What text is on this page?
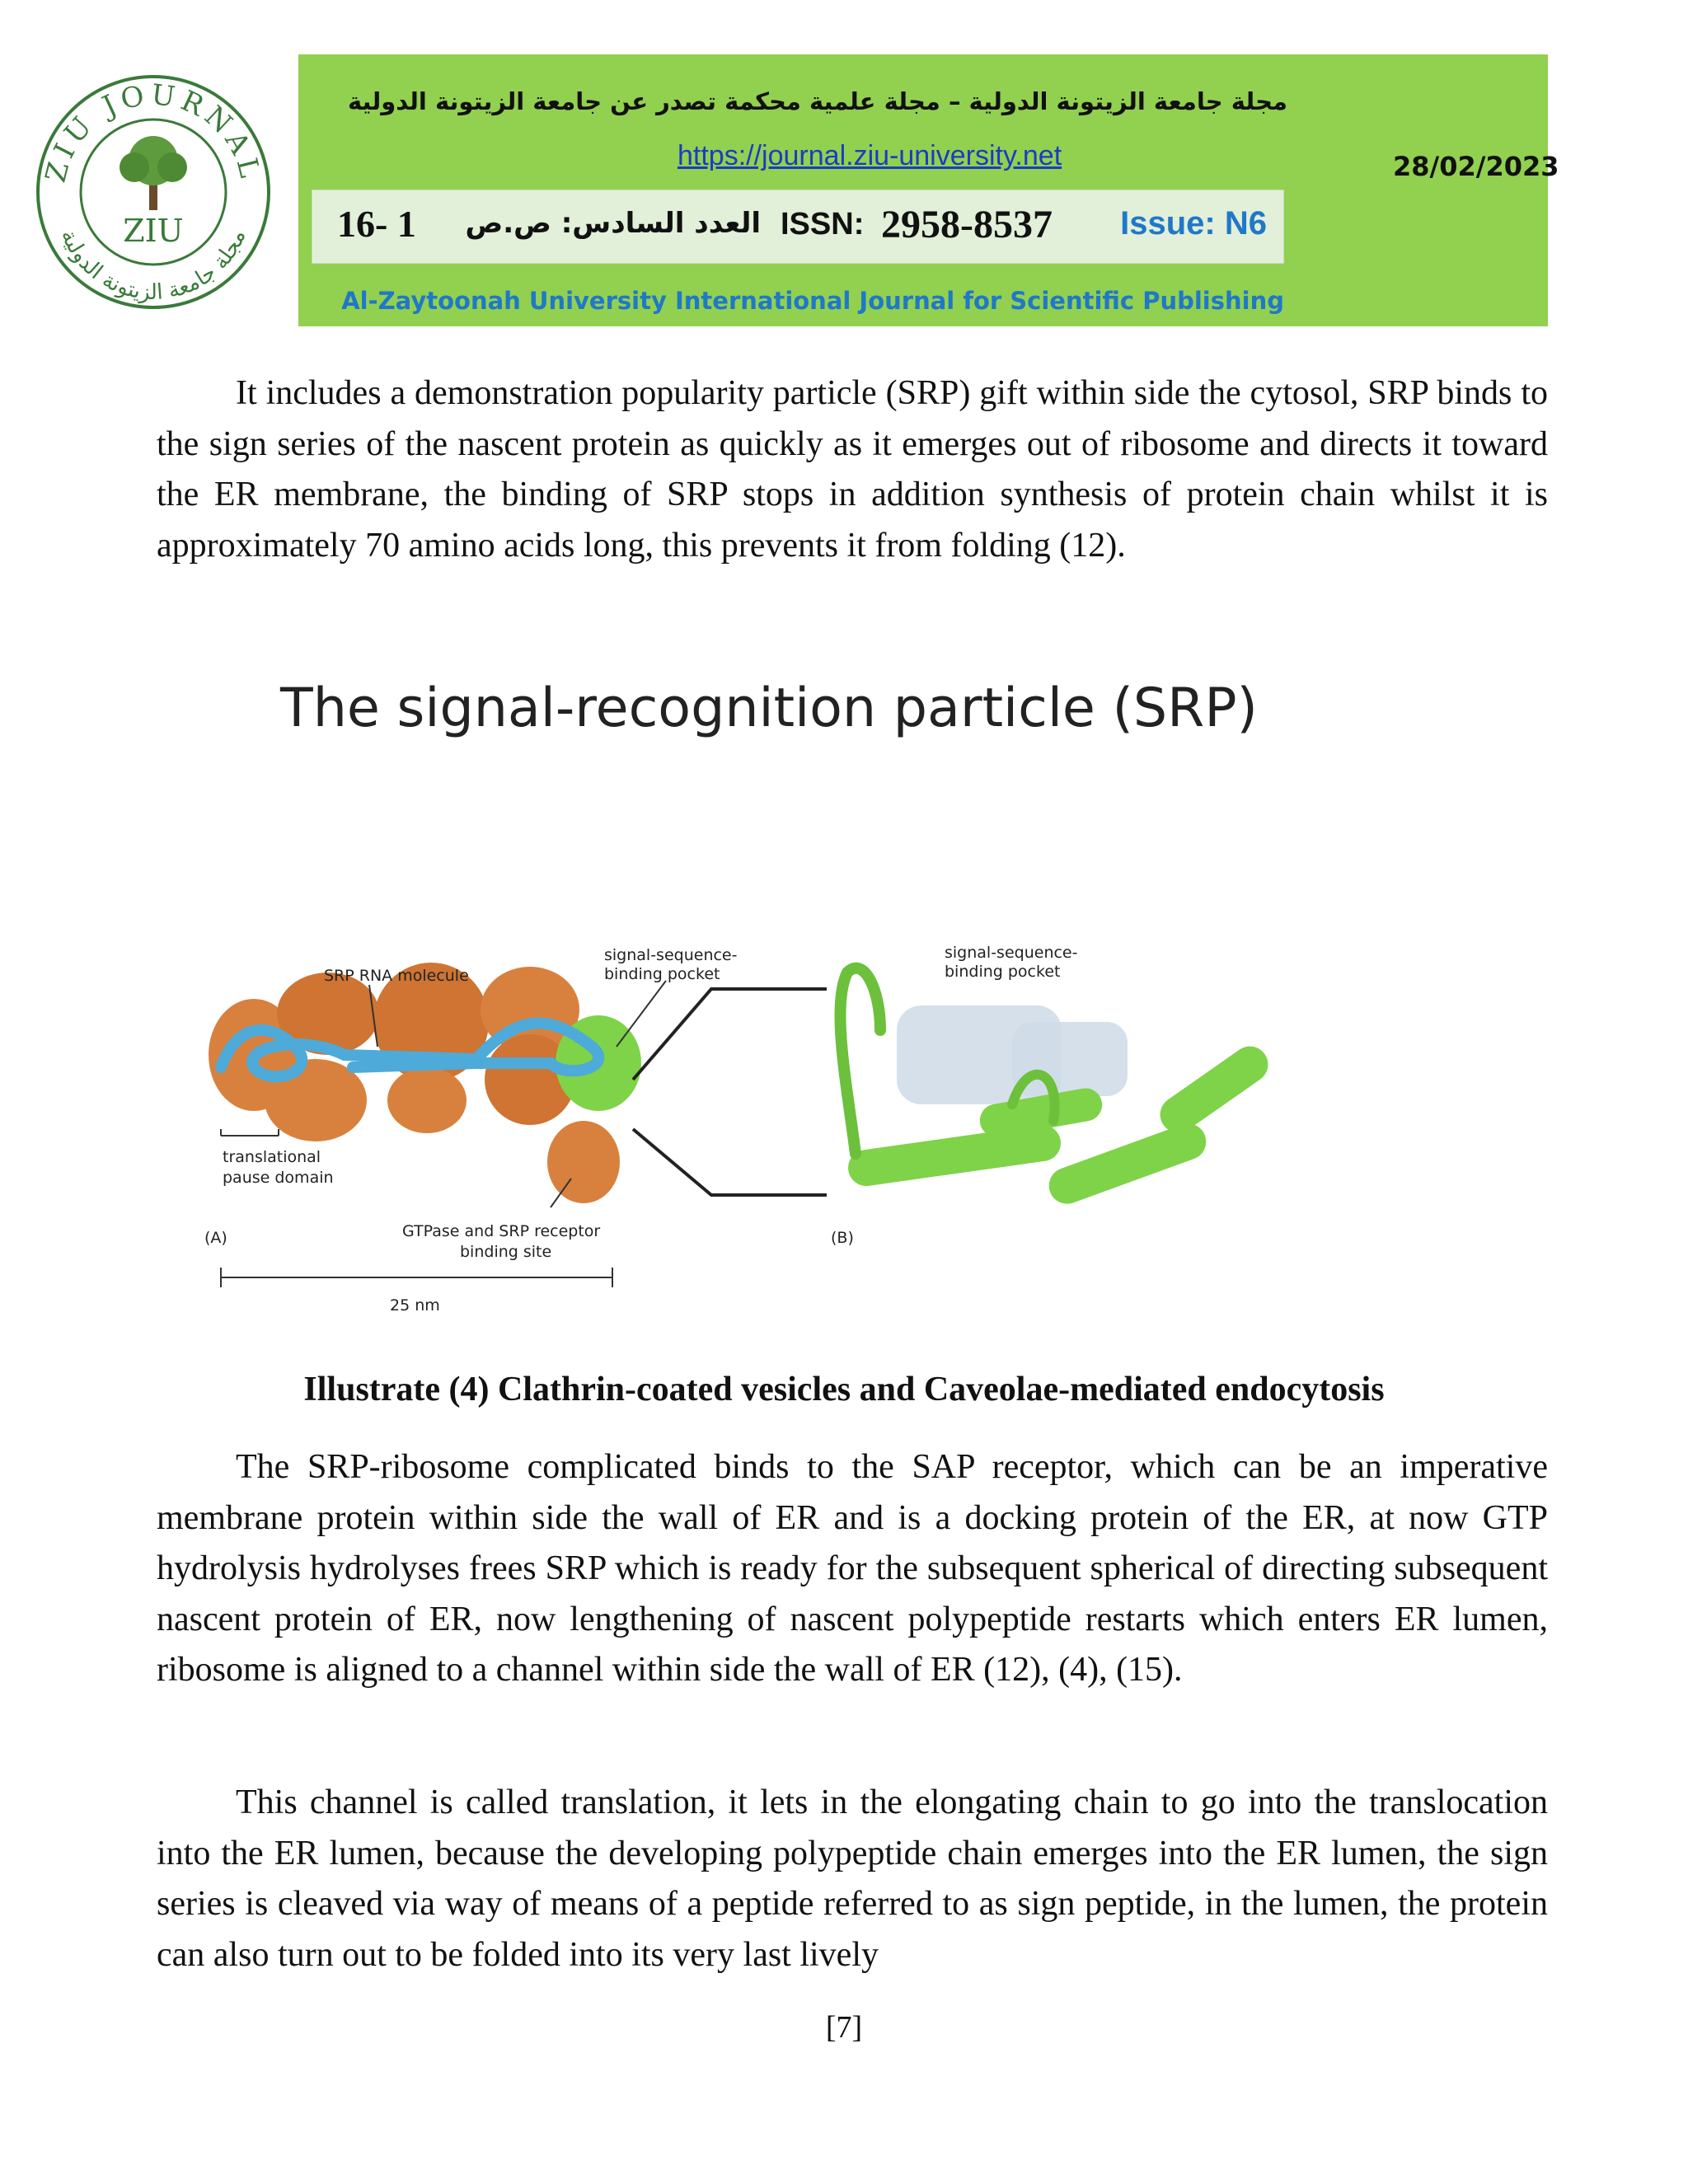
ZIU JOURNAL
مجلة جامعة الزيتونة الدولية
ZIU
مجلة جامعة الزيتونة الدولية – مجلة علمية محكمة تصدر عن جامعة الزيتونة الدولية
https://journal.ziu-university.net
16- 1	العدد السادس: ص.ص ISSN: 2958-8537 Issue: N6
Al-Zaytoonah University International Journal for Scientific Publishing
28/02/2023

It includes a demonstration popularity particle (SRP) gift within side the cytosol, SRP binds to the sign series of the nascent protein as quickly as it emerges out of ribosome and directs it toward the ER membrane, the binding of SRP stops in addition synthesis of protein chain whilst it is approximately 70 amino acids long, this prevents it from folding (12).

The signal-recognition particle (SRP)
SRP RNA molecule
signal-sequence-
binding pocket
signal-sequence-
binding pocket
translational
pause domain
GTPase and SRP receptor
binding site
(A)	(B)
25 nm
Illustrate (4) Clathrin-coated vesicles and Caveolae-mediated endocytosis

The SRP-ribosome complicated binds to the SAP receptor, which can be an imperative membrane protein within side the wall of ER and is a docking protein of the ER, at now GTP hydrolysis hydrolyses frees SRP which is ready for the subsequent spherical of directing subsequent nascent protein of ER, now lengthening of nascent polypeptide restarts which enters ER lumen, ribosome is aligned to a channel within side the wall of ER (12), (4), (15).

This channel is called translation, it lets in the elongating chain to go into the translocation into the ER lumen, because the developing polypeptide chain emerges into the ER lumen, the sign series is cleaved via way of means of a peptide referred to as sign peptide, in the lumen, the protein can also turn out to be folded into its very last lively

[7]
